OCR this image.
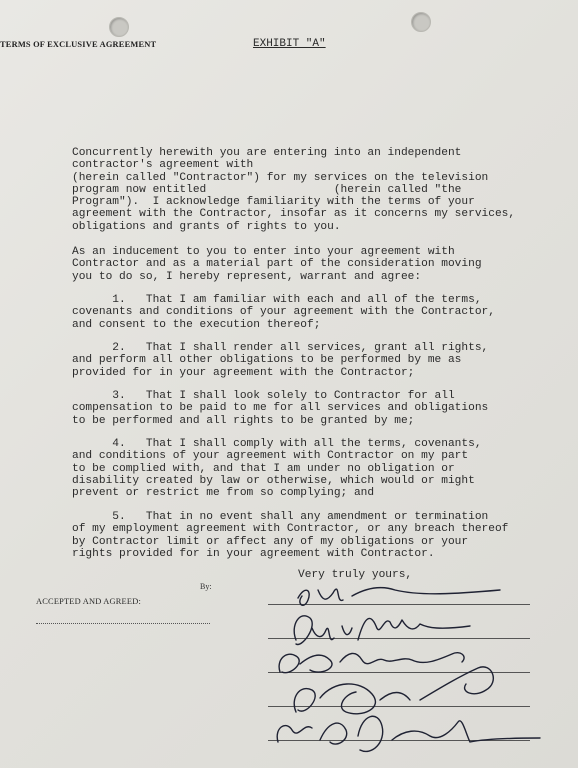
TERMS OF EXCLUSIVE AGREEMENT	EXHIBIT "A"

Concurrently herewith you are entering into an independent
contractor's agreement with
(herein called "Contractor") for my services on the television
program now entitled                   (herein called "the
Program").  I acknowledge familiarity with the terms of your
agreement with the Contractor, insofar as it concerns my services,
obligations and grants of rights to you.

As an inducement to you to enter into your agreement with
Contractor and as a material part of the consideration moving
you to do so, I hereby represent, warrant and agree:

1.   That I am familiar with each and all of the terms,
covenants and conditions of your agreement with the Contractor,
and consent to the execution thereof;

2.   That I shall render all services, grant all rights,
and perform all other obligations to be performed by me as
provided for in your agreement with the Contractor;

3.   That I shall look solely to Contractor for all
compensation to be paid to me for all services and obligations
to be performed and all rights to be granted by me;

4.   That I shall comply with all the terms, covenants,
and conditions of your agreement with Contractor on my part
to be complied with, and that I am under no obligation or
disability created by law or otherwise, which would or might
prevent or restrict me from so complying; and

5.   That in no event shall any amendment or termination
of my employment agreement with Contractor, or any breach thereof
by Contractor limit or affect any of my obligations or your
rights provided for in your agreement with Contractor.

Very truly yours,
By:
ACCEPTED AND AGREED:
